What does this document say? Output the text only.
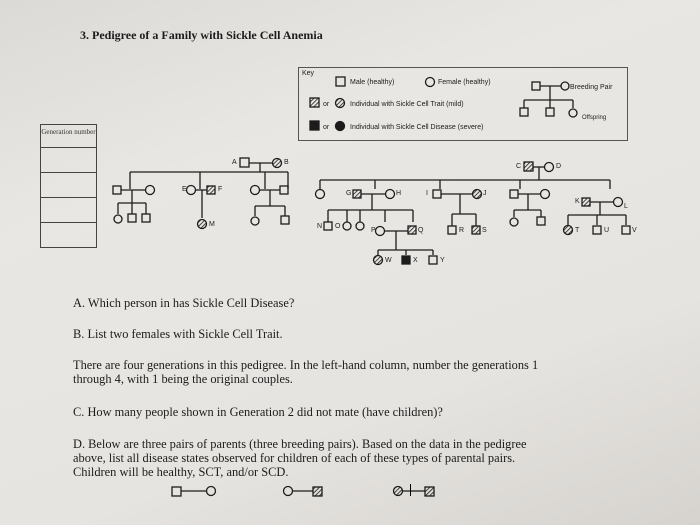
3. Pedigree of a Family with Sickle Cell Anemia
Key
Male (healthy)	Female (healthy)
Breeding Pair
or	Individual with Sickle Cell Trait (mild)
or	Individual with Sickle Cell Disease (severe)
Offspring
Generation number
A	B
C	D
E	F
G	H	I	J
K
L
M	N O
P	Q	R	S	T	U	V
W	X	Y
A. Which person in has Sickle Cell Disease?
B. List two females with Sickle Cell Trait.
There are four generations in this pedigree. In the left-hand column, number the generations 1
through 4, with 1 being the original couples.
C. How many people shown in Generation 2 did not mate (have children)?
D. Below are three pairs of parents (three breeding pairs). Based on the data in the pedigree
above, list all disease states observed for children of each of these types of parental pairs.
Children will be healthy, SCT, and/or SCD.
